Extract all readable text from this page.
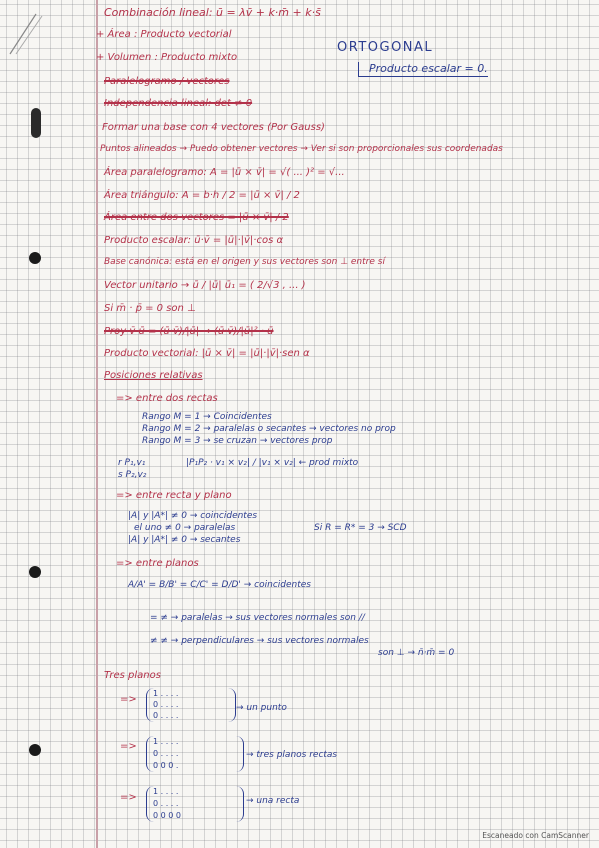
Combinación lineal: ū = λv̄ + k·m̄ + k·s̄
+ Área : Producto vectorial
+ Volumen : Producto mixto
Paralelogramo / vectores
Independencia lineal: det ≠ 0
Formar una base con 4 vectores (Por Gauss)
Puntos alineados → Puedo obtener vectores → Ver si son proporcionales sus coordenadas
Área paralelogramo: A = |ū × v̄| = √( ... )² = √...
Área triángulo: A = b·h / 2 = |ū × v̄| / 2
Área entre dos vectores = |ū × v̄| / 2
Producto escalar: ū·v̄ = |ū|·|v̄|·cos α
Base canónica: está en el origen y sus vectores son ⊥ entre sí
Vector unitario → ū / |ū| ū₁ = ( 2/√3 , ... )
Si m̄ · p̄ = 0 son ⊥
Proy v̄ ū = (ū·v̄)/|ū| → (ū·v̄)/|ū|² · ū
Producto vectorial: |ū × v̄| = |ū|·|v̄|·sen α
ORTOGONAL
Producto escalar = 0.
Posiciones relativas
=> entre dos rectas
Rango M = 1 → Coincidentes
Rango M = 2 → paralelas o secantes → vectores no prop
Rango M = 3 → se cruzan → vectores prop
r P₁,v₁
s P₂,v₂
|P₁P₂ · v₁ × v₂| / |v₁ × v₂| ← prod mixto
=> entre recta y plano
|A| y |A*| ≠ 0 → coincidentes
el uno ≠ 0 → paralelas
|A| y |A*| ≠ 0 → secantes
Si R = R* = 3 → SCD
=> entre planos
A/A' = B/B' = C/C' = D/D' → coincidentes
= ≠ → paralelas → sus vectores normales son //
≠ ≠ → perpendiculares → sus vectores normales
son ⊥ → n̄·m̄ = 0
Tres planos
=>
1 . . . .
0 . . . .
0 . . . .
→ un punto
=> 1 . . . .
0 . . . .
0 0 0 .
→ tres planos rectas
=>
1 . . . .
0 . . . .
0 0 0 0
→ una recta
Escaneado con CamScanner
